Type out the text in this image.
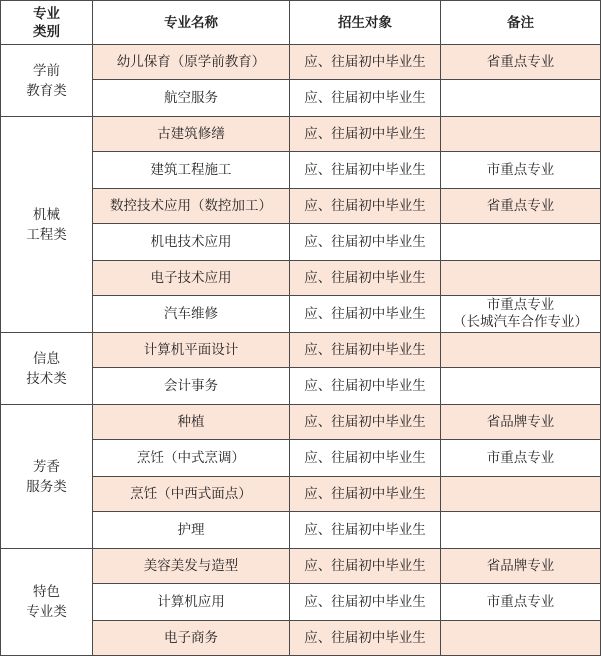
专业
类别	专业名称	招生对象	备注

学前
教育类	幼儿保育（原学前教育）	应、往届初中毕业生	省重点专业
	航空服务	应、往届初中毕业生	

机械
工程类	古建筑修缮	应、往届初中毕业生	
	建筑工程施工	应、往届初中毕业生	市重点专业
	数控技术应用（数控加工）	应、往届初中毕业生	省重点专业
	机电技术应用	应、往届初中毕业生	
	电子技术应用	应、往届初中毕业生	
	汽车维修	应、往届初中毕业生	市重点专业
（长城汽车合作专业）

信息
技术类	计算机平面设计	应、往届初中毕业生	
	会计事务	应、往届初中毕业生	

芳香
服务类	种植	应、往届初中毕业生	省品牌专业
	烹饪（中式烹调）	应、往届初中毕业生	市重点专业
	烹饪（中西式面点）	应、往届初中毕业生	
	护理	应、往届初中毕业生	

特色
专业类	美容美发与造型	应、往届初中毕业生	省品牌专业
	计算机应用	应、往届初中毕业生	市重点专业
	电子商务	应、往届初中毕业生	
